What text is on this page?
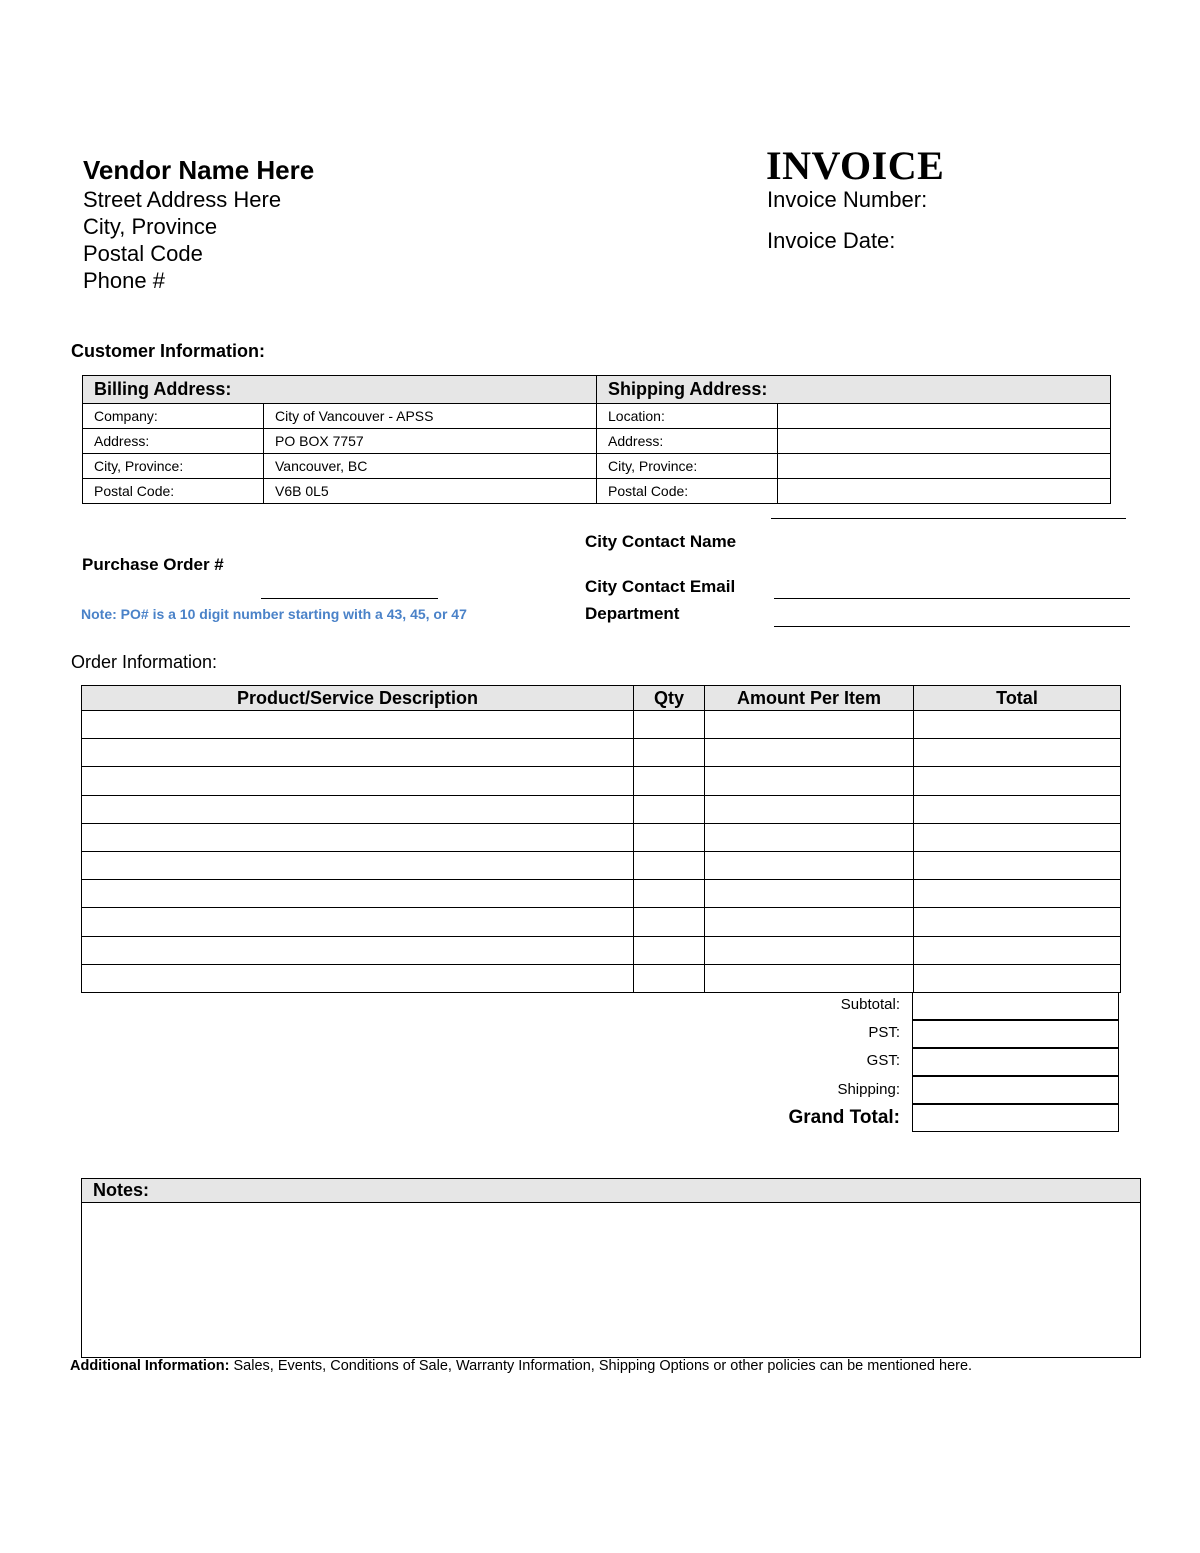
Vendor Name Here
Street Address Here
City, Province
Postal Code
Phone #
INVOICE
Invoice Number:
Invoice Date:
Customer Information:
Billing Address:		Shipping Address:	
Company:	City of Vancouver - APSS	Location:	
Address:	PO BOX 7757	Address:	
City, Province:	Vancouver, BC	City, Province:	
Postal Code:	V6B 0L5	Postal Code:	
Purchase Order #
Note: PO# is a 10 digit number starting with a 43, 45, or 47
City Contact Name
City Contact Email
Department
Order Information:
Product/Service Description	Qty	Amount Per Item	Total

Subtotal:
PST:
GST:
Shipping:
Grand Total:
Notes:
Additional Information: Sales, Events, Conditions of Sale, Warranty Information, Shipping Options or other policies can be mentioned here.
